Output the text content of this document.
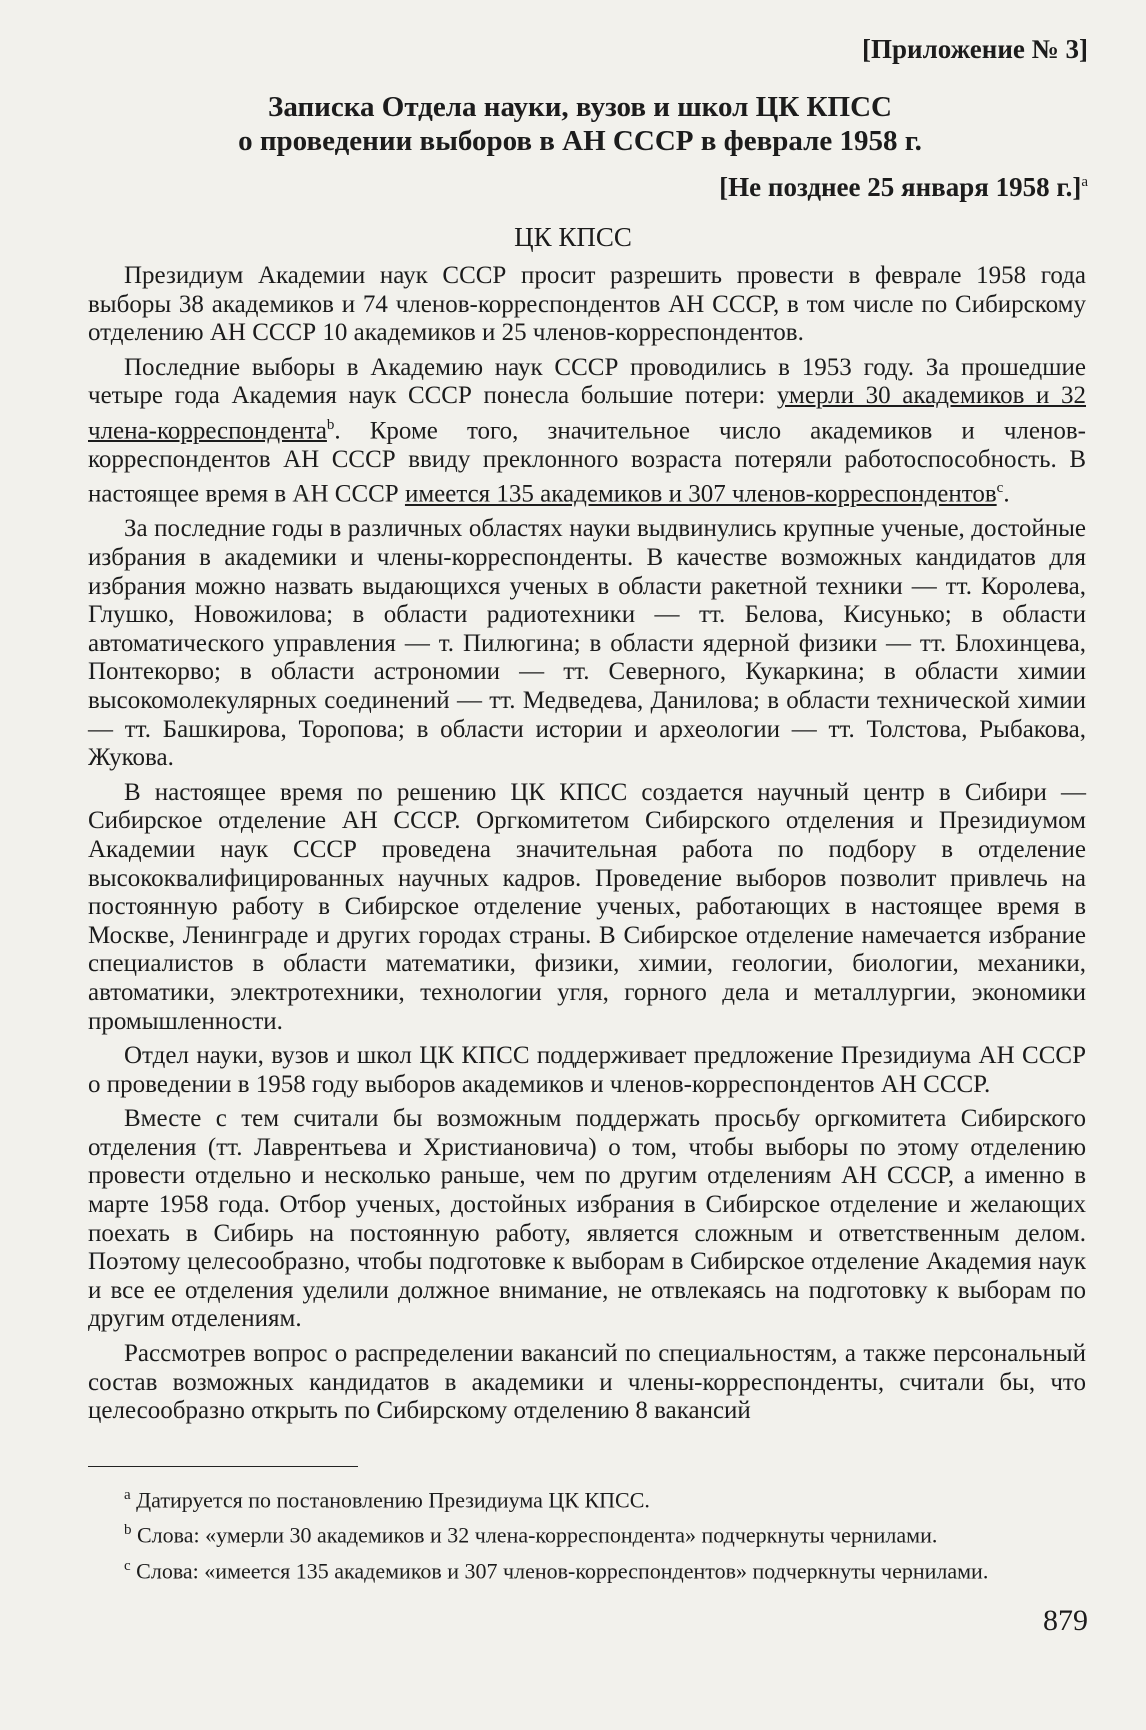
[Приложение № 3]

Записка Отдела науки, вузов и школ ЦК КПСС
о проведении выборов в АН СССР в феврале 1958 г.

[Не позднее 25 января 1958 г.]$^a$

ЦК КПСС

Президиум Академии наук СССР просит разрешить провести в феврале 1958 года выборы 38 академиков и 74 членов-корреспондентов АН СССР, в том числе по Сибирскому отделению АН СССР 10 академиков и 25 членов-корреспондентов.

Последние выборы в Академию наук СССР проводились в 1953 году. За прошедшие четыре года Академия наук СССР понесла большие потери: умерли 30 академиков и 32 члена-корреспондента$^b$. Кроме того, значительное число академиков и членов-корреспондентов АН СССР ввиду преклонного возраста потеряли работоспособность. В настоящее время в АН СССР имеется 135 академиков и 307 членов-корреспондентов$^c$.

За последние годы в различных областях науки выдвинулись крупные ученые, достойные избрания в академики и члены-корреспонденты. В качестве возможных кандидатов для избрания можно назвать выдающихся ученых в области ракетной техники — тт. Королева, Глушко, Новожилова; в области радиотехники — тт. Белова, Кисунько; в области автоматического управления — т. Пилюгина; в области ядерной физики — тт. Блохинцева, Понтекорво; в области астрономии — тт. Северного, Кукаркина; в области химии высокомолекулярных соединений — тт. Медведева, Данилова; в области технической химии — тт. Башкирова, Торопова; в области истории и археологии — тт. Толстова, Рыбакова, Жукова.

В настоящее время по решению ЦК КПСС создается научный центр в Сибири — Сибирское отделение АН СССР. Оргкомитетом Сибирского отделения и Президиумом Академии наук СССР проведена значительная работа по подбору в отделение высококвалифицированных научных кадров. Проведение выборов позволит привлечь на постоянную работу в Сибирское отделение ученых, работающих в настоящее время в Москве, Ленинграде и других городах страны. В Сибирское отделение намечается избрание специалистов в области математики, физики, химии, геологии, биологии, механики, автоматики, электротехники, технологии угля, горного дела и металлургии, экономики промышленности.

Отдел науки, вузов и школ ЦК КПСС поддерживает предложение Президиума АН СССР о проведении в 1958 году выборов академиков и членов-корреспондентов АН СССР.

Вместе с тем считали бы возможным поддержать просьбу оргкомитета Сибирского отделения (тт. Лаврентьева и Христиановича) о том, чтобы выборы по этому отделению провести отдельно и несколько раньше, чем по другим отделениям АН СССР, а именно в марте 1958 года. Отбор ученых, достойных избрания в Сибирское отделение и желающих поехать в Сибирь на постоянную работу, является сложным и ответственным делом. Поэтому целесообразно, чтобы подготовке к выборам в Сибирское отделение Академия наук и все ее отделения уделили должное внимание, не отвлекаясь на подготовку к выборам по другим отделениям.

Рассмотрев вопрос о распределении вакансий по специальностям, а также персональный состав возможных кандидатов в академики и члены-корреспонденты, считали бы, что целесообразно открыть по Сибирскому отделению 8 вакансий

$^a$ Датируется по постановлению Президиума ЦК КПСС.

$^b$ Слова: «умерли 30 академиков и 32 члена-корреспондента» подчеркнуты чернилами.

$^c$ Слова: «имеется 135 академиков и 307 членов-корреспондентов» подчеркнуты чернилами.

879
